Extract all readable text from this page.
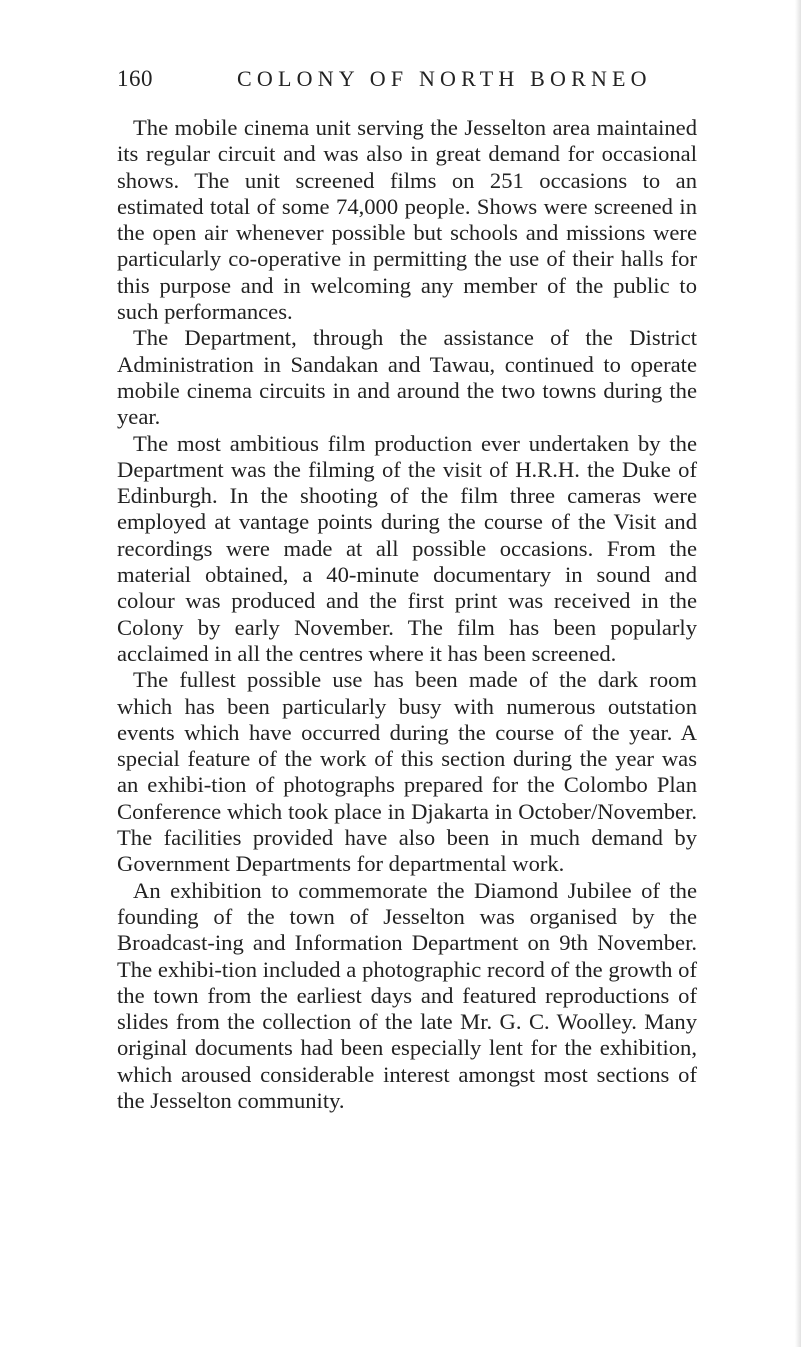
160	COLONY OF NORTH BORNEO

The mobile cinema unit serving the Jesselton area maintained its regular circuit and was also in great demand for occasional shows. The unit screened films on 251 occasions to an estimated total of some 74,000 people. Shows were screened in the open air whenever possible but schools and missions were particularly co-operative in permitting the use of their halls for this purpose and in welcoming any member of the public to such performances.

The Department, through the assistance of the District Administration in Sandakan and Tawau, continued to operate mobile cinema circuits in and around the two towns during the year.

The most ambitious film production ever undertaken by the Department was the filming of the visit of H.R.H. the Duke of Edinburgh. In the shooting of the film three cameras were employed at vantage points during the course of the Visit and recordings were made at all possible occasions. From the material obtained, a 40-minute documentary in sound and colour was produced and the first print was received in the Colony by early November. The film has been popularly acclaimed in all the centres where it has been screened.

The fullest possible use has been made of the dark room which has been particularly busy with numerous outstation events which have occurred during the course of the year. A special feature of the work of this section during the year was an exhibi-tion of photographs prepared for the Colombo Plan Conference which took place in Djakarta in October/November. The facilities provided have also been in much demand by Government Departments for departmental work.

An exhibition to commemorate the Diamond Jubilee of the founding of the town of Jesselton was organised by the Broadcast-ing and Information Department on 9th November. The exhibi-tion included a photographic record of the growth of the town from the earliest days and featured reproductions of slides from the collection of the late Mr. G. C. Woolley. Many original documents had been especially lent for the exhibition, which aroused considerable interest amongst most sections of the Jesselton community.
